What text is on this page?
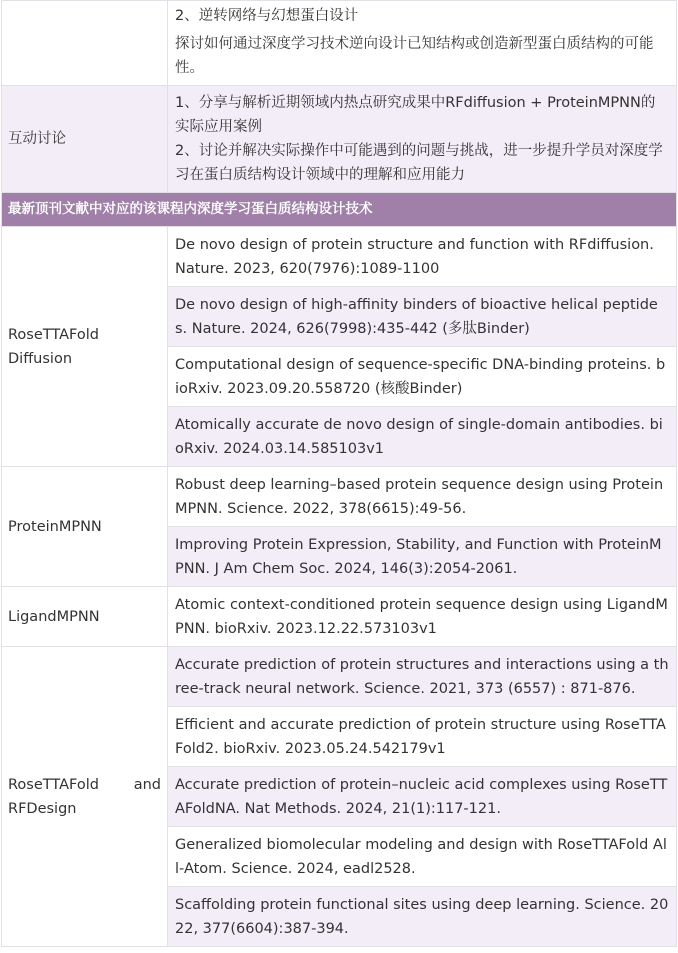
	2、逆转网络与幻想蛋白设计
探讨如何通过深度学习技术逆向设计已知结构或创造新型蛋白质结构的可能性。

互动讨论	1、分享与解析近期领域内热点研究成果中RFdiffusion + ProteinMPNN的实际应用案例
2、讨论并解决实际操作中可能遇到的问题与挑战，进一步提升学员对深度学习在蛋白质结构设计领域中的理解和应用能力

最新顶刊文献中对应的该课程内深度学习蛋白质结构设计技术	
RoseTTAFold Diffusion	De novo design of protein structure and function with RFdiffusion. Nature. 2023, 620(7976):1089-1100

	De novo design of high-affinity binders of bioactive helical peptides. Nature. 2024, 626(7998):435-442 (多肽Binder)

	Computational design of sequence-specific DNA-binding proteins. bioRxiv. 2023.09.20.558720 (核酸Binder)

	Atomically accurate de novo design of single-domain antibodies. bioRxiv. 2024.03.14.585103v1

ProteinMPNN	Robust deep learning–based protein sequence design using ProteinMPNN. Science. 2022, 378(6615):49-56.

	Improving Protein Expression, Stability, and Function with ProteinMPNN. J Am Chem Soc. 2024, 146(3):2054-2061.

LigandMPNN	Atomic context-conditioned protein sequence design using LigandMPNN. bioRxiv. 2023.12.22.573103v1

RoseTTAFold and RFDesign	Accurate prediction of protein structures and interactions using a three-track neural network. Science. 2021, 373 (6557) : 871-876.

	Efficient and accurate prediction of protein structure using RoseTTAFold2. bioRxiv. 2023.05.24.542179v1

	Accurate prediction of protein–nucleic acid complexes using RoseTTAFoldNA. Nat Methods. 2024, 21(1):117-121.

	Generalized biomolecular modeling and design with RoseTTAFold All-Atom. Science. 2024, eadl2528.

	Scaffolding protein functional sites using deep learning. Science. 2022, 377(6604):387-394.
